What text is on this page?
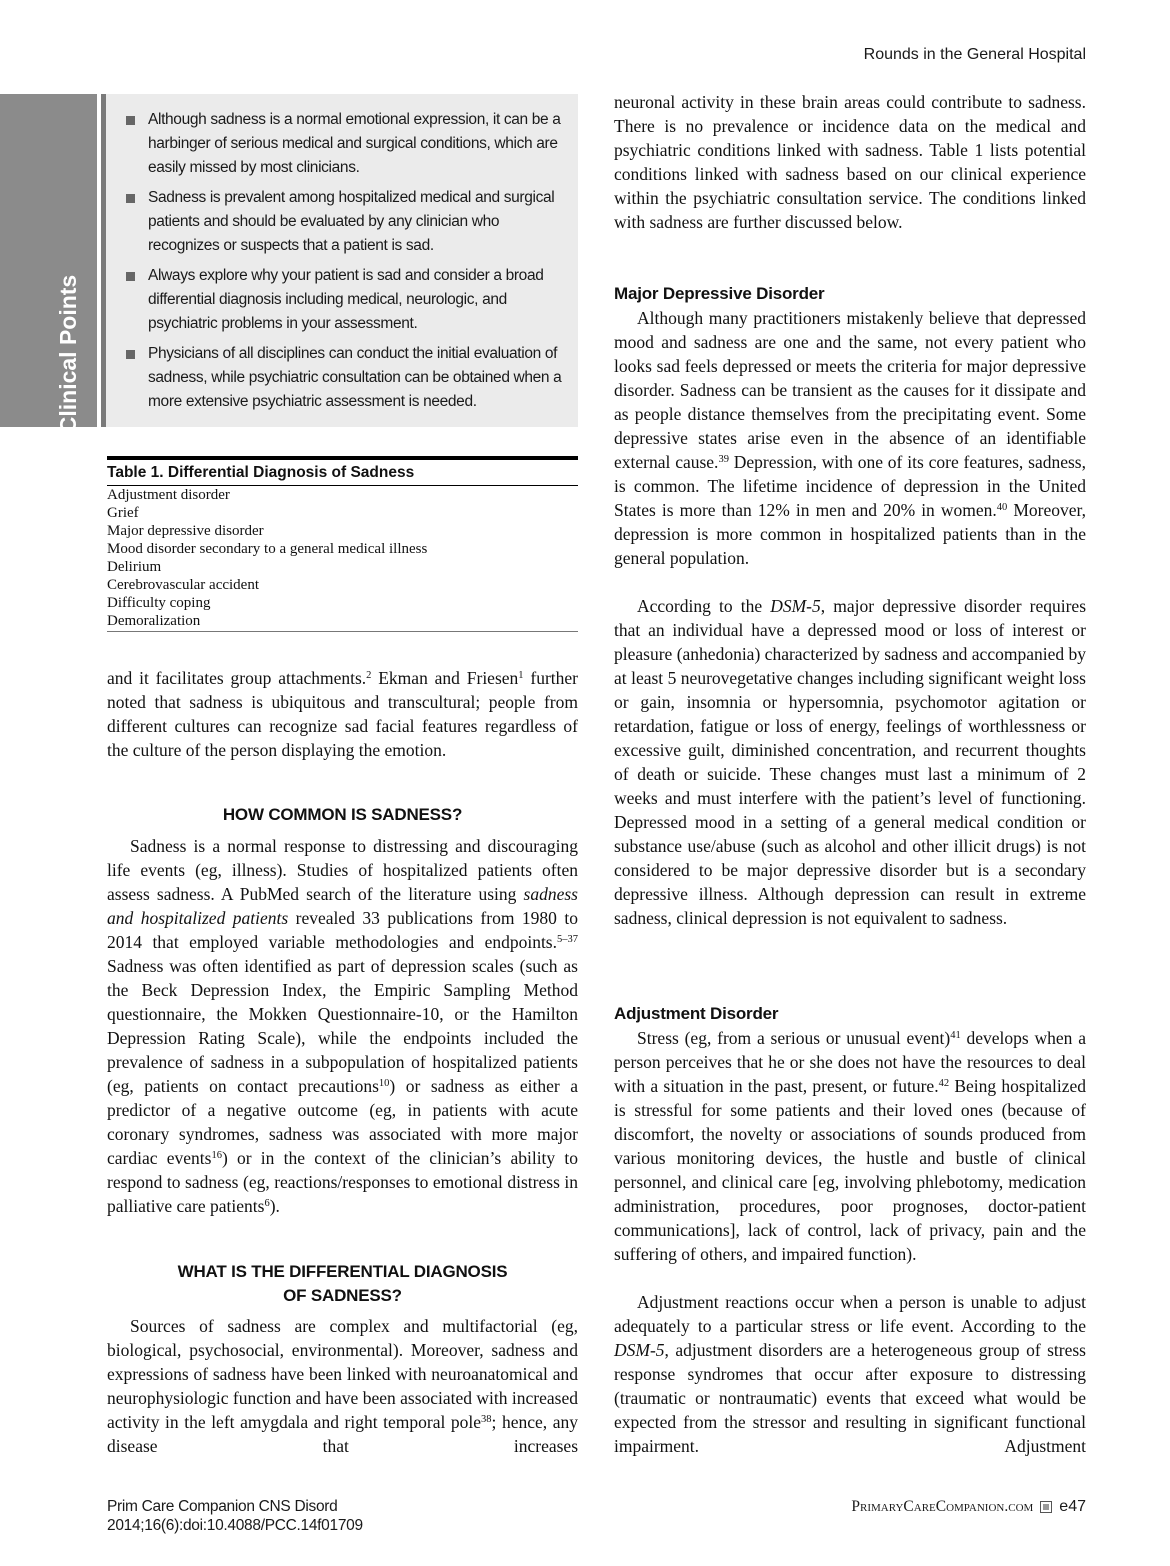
Rounds in the General Hospital
Clinical Points
Although sadness is a normal emotional expression, it can be a harbinger of serious medical and surgical conditions, which are easily missed by most clinicians.
Sadness is prevalent among hospitalized medical and surgical patients and should be evaluated by any clinician who recognizes or suspects that a patient is sad.
Always explore why your patient is sad and consider a broad differential diagnosis including medical, neurologic, and psychiatric problems in your assessment.
Physicians of all disciplines can conduct the initial evaluation of sadness, while psychiatric consultation can be obtained when a more extensive psychiatric assessment is needed.
Table 1. Differential Diagnosis of Sadness
Adjustment disorder
Grief
Major depressive disorder
Mood disorder secondary to a general medical illness
Delirium
Cerebrovascular accident
Difficulty coping
Demoralization

and it facilitates group attachments.$^2$ Ekman and Friesen$^1$ further noted that sadness is ubiquitous and transcultural; people from different cultures can recognize sad facial features regardless of the culture of the person displaying the emotion.

HOW COMMON IS SADNESS?

Sadness is a normal response to distressing and discouraging life events (eg, illness). Studies of hospitalized patients often assess sadness. A PubMed search of the literature using sadness and hospitalized patients revealed 33 publications from 1980 to 2014 that employed variable methodologies and endpoints.$^{5-37}$ Sadness was often identified as part of depression scales (such as the Beck Depression Index, the Empiric Sampling Method questionnaire, the Mokken Questionnaire-10, or the Hamilton Depression Rating Scale), while the endpoints included the prevalence of sadness in a subpopulation of hospitalized patients (eg, patients on contact precautions$^{10}$) or sadness as either a predictor of a negative outcome (eg, in patients with acute coronary syndromes, sadness was associated with more major cardiac events$^{16}$) or in the context of the clinician’s ability to respond to sadness (eg, reactions/responses to emotional distress in palliative care patients$^6$).

WHAT IS THE DIFFERENTIAL DIAGNOSIS
OF SADNESS?

Sources of sadness are complex and multifactorial (eg, biological, psychosocial, environmental). Moreover, sadness and expressions of sadness have been linked with neuroanatomical and neurophysiologic function and have been associated with increased activity in the left amygdala and right temporal pole$^{38}$; hence, any disease that increases

neuronal activity in these brain areas could contribute to sadness. There is no prevalence or incidence data on the medical and psychiatric conditions linked with sadness. Table 1 lists potential conditions linked with sadness based on our clinical experience within the psychiatric consultation service. The conditions linked with sadness are further discussed below.

Major Depressive Disorder

Although many practitioners mistakenly believe that depressed mood and sadness are one and the same, not every patient who looks sad feels depressed or meets the criteria for major depressive disorder. Sadness can be transient as the causes for it dissipate and as people distance themselves from the precipitating event. Some depressive states arise even in the absence of an identifiable external cause.$^{39}$ Depression, with one of its core features, sadness, is common. The lifetime incidence of depression in the United States is more than 12% in men and 20% in women.$^{40}$ Moreover, depression is more common in hospitalized patients than in the general population.

According to the DSM-5, major depressive disorder requires that an individual have a depressed mood or loss of interest or pleasure (anhedonia) characterized by sadness and accompanied by at least 5 neurovegetative changes including significant weight loss or gain, insomnia or hypersomnia, psychomotor agitation or retardation, fatigue or loss of energy, feelings of worthlessness or excessive guilt, diminished concentration, and recurrent thoughts of death or suicide. These changes must last a minimum of 2 weeks and must interfere with the patient’s level of functioning. Depressed mood in a setting of a general medical condition or substance use/abuse (such as alcohol and other illicit drugs) is not considered to be major depressive disorder but is a secondary depressive illness. Although depression can result in extreme sadness, clinical depression is not equivalent to sadness.

Adjustment Disorder

Stress (eg, from a serious or unusual event)$^{41}$ develops when a person perceives that he or she does not have the resources to deal with a situation in the past, present, or future.$^{42}$ Being hospitalized is stressful for some patients and their loved ones (because of discomfort, the novelty or associations of sounds produced from various monitoring devices, the hustle and bustle of clinical personnel, and clinical care [eg, involving phlebotomy, medication administration, procedures, poor prognoses, doctor-patient communications], lack of control, lack of privacy, pain and the suffering of others, and impaired function).

Adjustment reactions occur when a person is unable to adjust adequately to a particular stress or life event. According to the DSM-5, adjustment disorders are a heterogeneous group of stress response syndromes that occur after exposure to distressing (traumatic or nontraumatic) events that exceed what would be expected from the stressor and resulting in significant functional impairment. Adjustment

Prim Care Companion CNS Disord
2014;16(6):doi:10.4088/PCC.14f01709
PrimaryCareCompanion.com e47
